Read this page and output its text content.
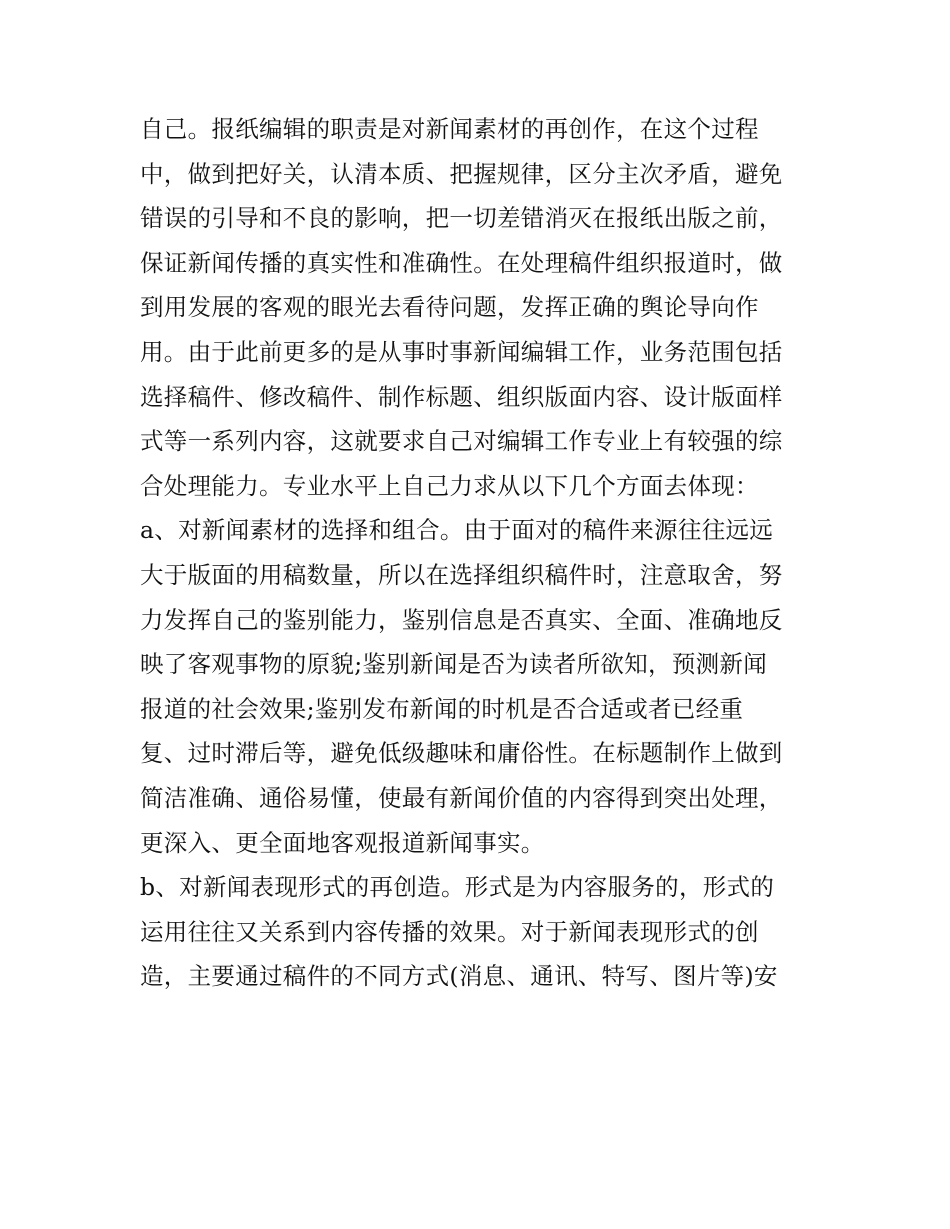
自己。报纸编辑的职责是对新闻素材的再创作，在这个过程
中，做到把好关，认清本质、把握规律，区分主次矛盾，避免
错误的引导和不良的影响，把一切差错消灭在报纸出版之前，
保证新闻传播的真实性和准确性。在处理稿件组织报道时，做
到用发展的客观的眼光去看待问题，发挥正确的舆论导向作
用。由于此前更多的是从事时事新闻编辑工作，业务范围包括
选择稿件、修改稿件、制作标题、组织版面内容、设计版面样
式等一系列内容，这就要求自己对编辑工作专业上有较强的综
合处理能力。专业水平上自己力求从以下几个方面去体现：
a、对新闻素材的选择和组合。由于面对的稿件来源往往远远
大于版面的用稿数量，所以在选择组织稿件时，注意取舍，努
力发挥自己的鉴别能力，鉴别信息是否真实、全面、准确地反
映了客观事物的原貌;鉴别新闻是否为读者所欲知，预测新闻
报道的社会效果;鉴别发布新闻的时机是否合适或者已经重
复、过时滞后等，避免低级趣味和庸俗性。在标题制作上做到
简洁准确、通俗易懂，使最有新闻价值的内容得到突出处理，
更深入、更全面地客观报道新闻事实。
b、对新闻表现形式的再创造。形式是为内容服务的，形式的
运用往往又关系到内容传播的效果。对于新闻表现形式的创
造，主要通过稿件的不同方式(消息、通讯、特写、图片等)安
